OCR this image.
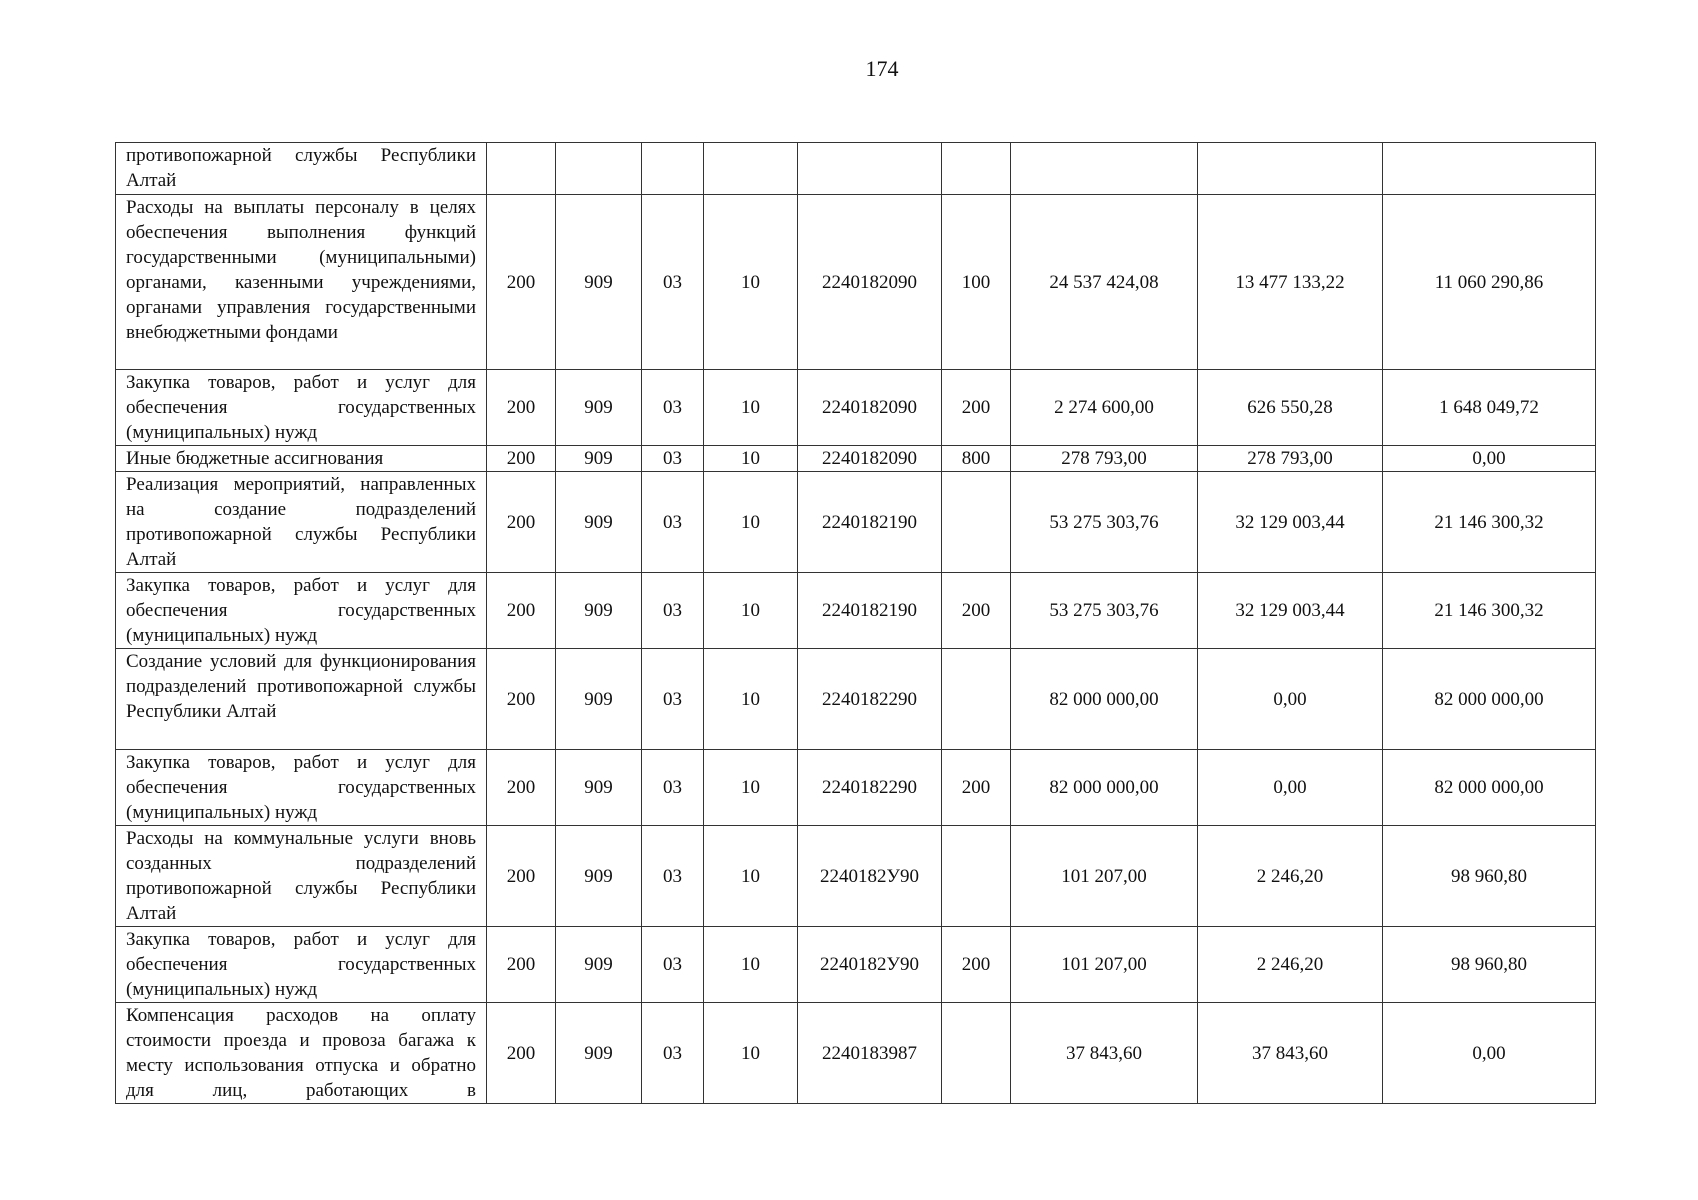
174
противопожарной службы Республики Алтай									
Расходы на выплаты персоналу в целях обеспечения выполнения функций государственными (муниципальными) органами, казенными учреждениями, органами управления государственными внебюджетными фондами	200	909	03	10	2240182090	100	24 537 424,08	13 477 133,22	11 060 290,86
Закупка товаров, работ и услуг для обеспечения государственных (муниципальных) нужд	200	909	03	10	2240182090	200	2 274 600,00	626 550,28	1 648 049,72
Иные бюджетные ассигнования	200	909	03	10	2240182090	800	278 793,00	278 793,00	0,00
Реализация мероприятий, направленных на создание подразделений противопожарной службы Республики Алтай	200	909	03	10	2240182190		53 275 303,76	32 129 003,44	21 146 300,32
Закупка товаров, работ и услуг для обеспечения государственных (муниципальных) нужд	200	909	03	10	2240182190	200	53 275 303,76	32 129 003,44	21 146 300,32
Создание условий для функционирования подразделений противопожарной службы Республики Алтай	200	909	03	10	2240182290		82 000 000,00	0,00	82 000 000,00
Закупка товаров, работ и услуг для обеспечения государственных (муниципальных) нужд	200	909	03	10	2240182290	200	82 000 000,00	0,00	82 000 000,00
Расходы на коммунальные услуги вновь созданных подразделений противопожарной службы Республики Алтай	200	909	03	10	2240182У90		101 207,00	2 246,20	98 960,80
Закупка товаров, работ и услуг для обеспечения государственных (муниципальных) нужд	200	909	03	10	2240182У90	200	101 207,00	2 246,20	98 960,80
Компенсация расходов на оплату стоимости проезда и провоза багажа к месту использования отпуска и обратно для лиц, работающих в	200	909	03	10	2240183987		37 843,60	37 843,60	0,00
